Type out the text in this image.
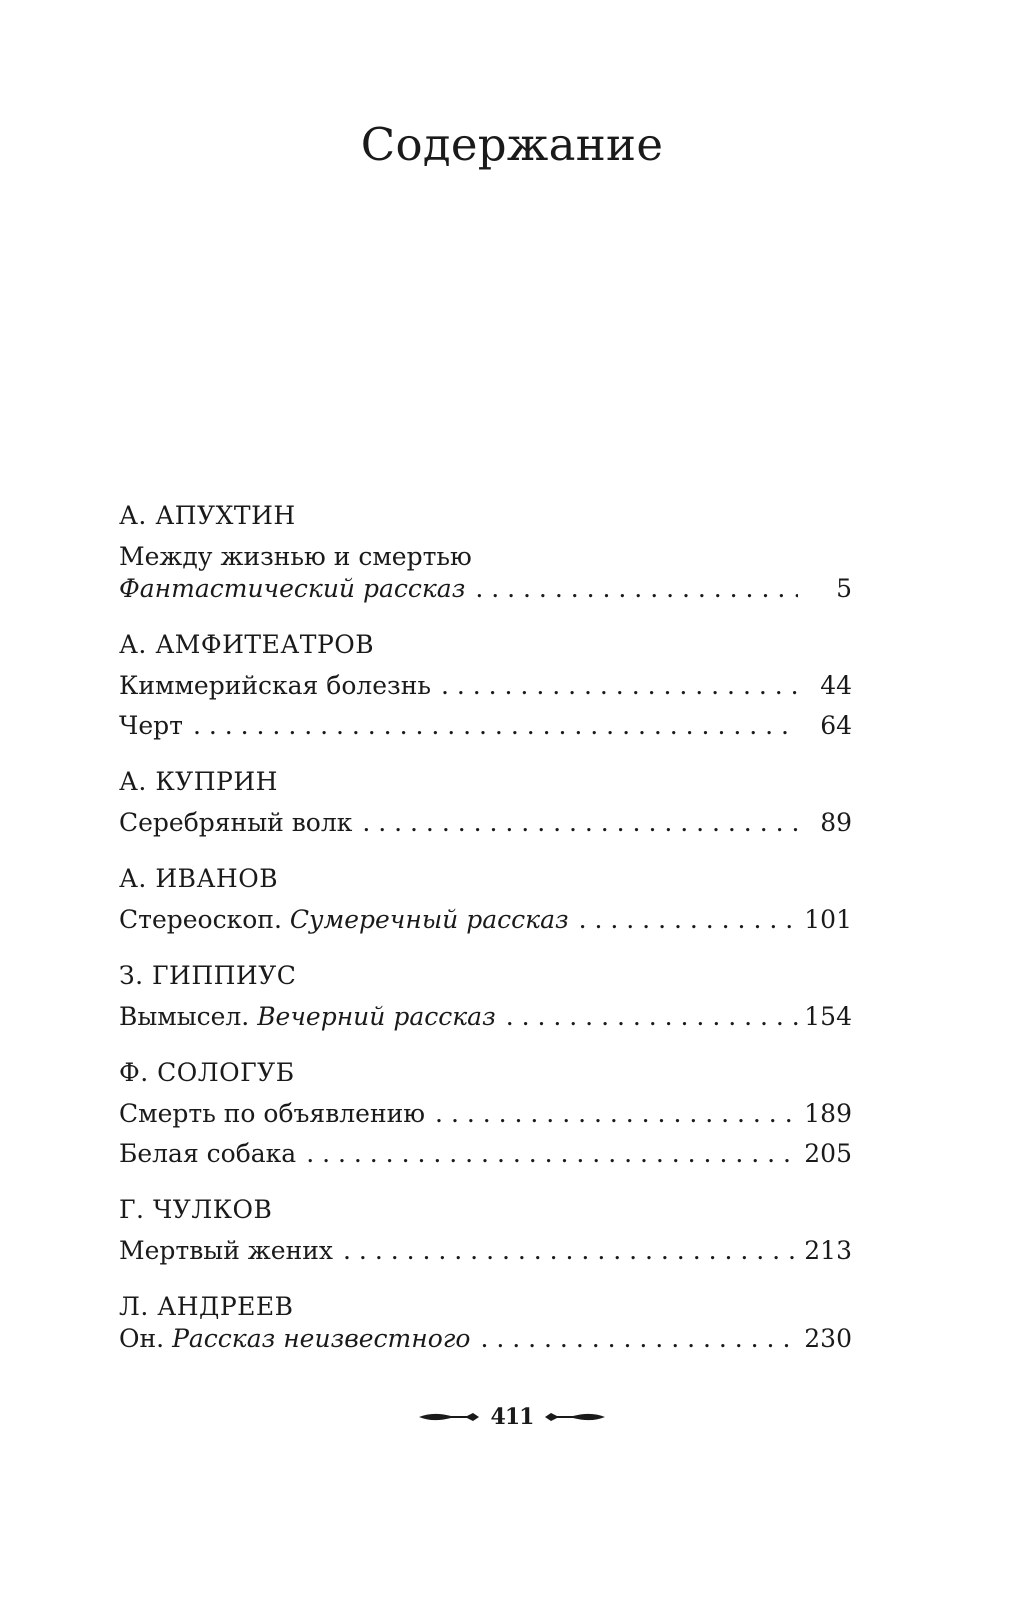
Содержание
А. АПУХТИН
Между жизнью и смертью
Фантастический рассказ . . .	5
А. АМФИТЕАТРОВ
Киммерийская болезнь . . .	44
Черт . . .	64
А. КУПРИН
Серебряный волк . . .	89
А. ИВАНОВ
Стереоскоп. Сумеречный рассказ . . .	101
З. ГИППИУС
Вымысел. Вечерний рассказ . . .	154
Ф. СОЛОГУБ
Смерть по объявлению . . .	189
Белая собака . . .	205
Г. ЧУЛКОВ
Мертвый жених . . .	213
Л. АНДРЕЕВ
Он. Рассказ неизвестного . . .	230
411
